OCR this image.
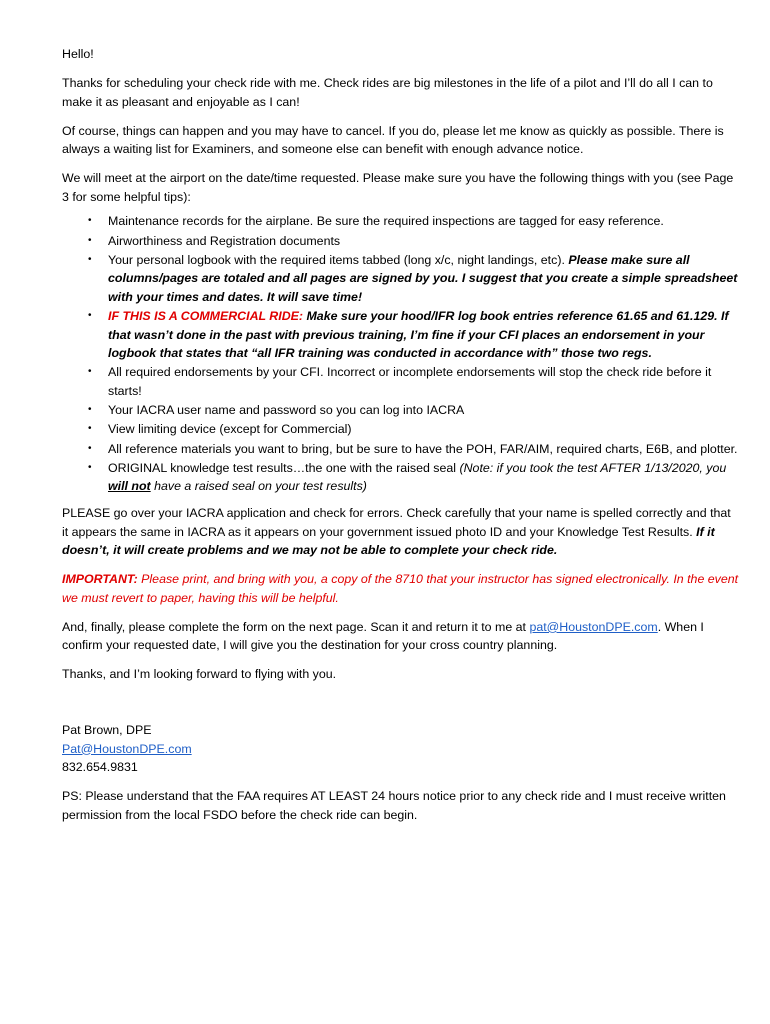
Hello!

Thanks for scheduling your check ride with me. Check rides are big milestones in the life of a pilot and I’ll do all I can to make it as pleasant and enjoyable as I can!

Of course, things can happen and you may have to cancel. If you do, please let me know as quickly as possible. There is always a waiting list for Examiners, and someone else can benefit with enough advance notice.

We will meet at the airport on the date/time requested. Please make sure you have the following things with you (see Page 3 for some helpful tips):

• Maintenance records for the airplane. Be sure the required inspections are tagged for easy reference.
• Airworthiness and Registration documents
• Your personal logbook with the required items tabbed (long x/c, night landings, etc). Please make sure all columns/pages are totaled and all pages are signed by you. I suggest that you create a simple spreadsheet with your times and dates. It will save time!
• IF THIS IS A COMMERCIAL RIDE: Make sure your hood/IFR log book entries reference 61.65 and 61.129. If that wasn’t done in the past with previous training, I’m fine if your CFI places an endorsement in your logbook that states that “all IFR training was conducted in accordance with” those two regs.
• All required endorsements by your CFI. Incorrect or incomplete endorsements will stop the check ride before it starts!
• Your IACRA user name and password so you can log into IACRA
• View limiting device (except for Commercial)
• All reference materials you want to bring, but be sure to have the POH, FAR/AIM, required charts, E6B, and plotter.
• ORIGINAL knowledge test results…the one with the raised seal (Note: if you took the test AFTER 1/13/2020, you will not have a raised seal on your test results)

PLEASE go over your IACRA application and check for errors. Check carefully that your name is spelled correctly and that it appears the same in IACRA as it appears on your government issued photo ID and your Knowledge Test Results. If it doesn’t, it will create problems and we may not be able to complete your check ride.

IMPORTANT: Please print, and bring with you, a copy of the 8710 that your instructor has signed electronically. In the event we must revert to paper, having this will be helpful.

And, finally, please complete the form on the next page. Scan it and return it to me at pat@HoustonDPE.com. When I confirm your requested date, I will give you the destination for your cross country planning.

Thanks, and I’m looking forward to flying with you.

Pat Brown, DPE
Pat@HoustonDPE.com
832.654.9831

PS: Please understand that the FAA requires AT LEAST 24 hours notice prior to any check ride and I must receive written permission from the local FSDO before the check ride can begin.
